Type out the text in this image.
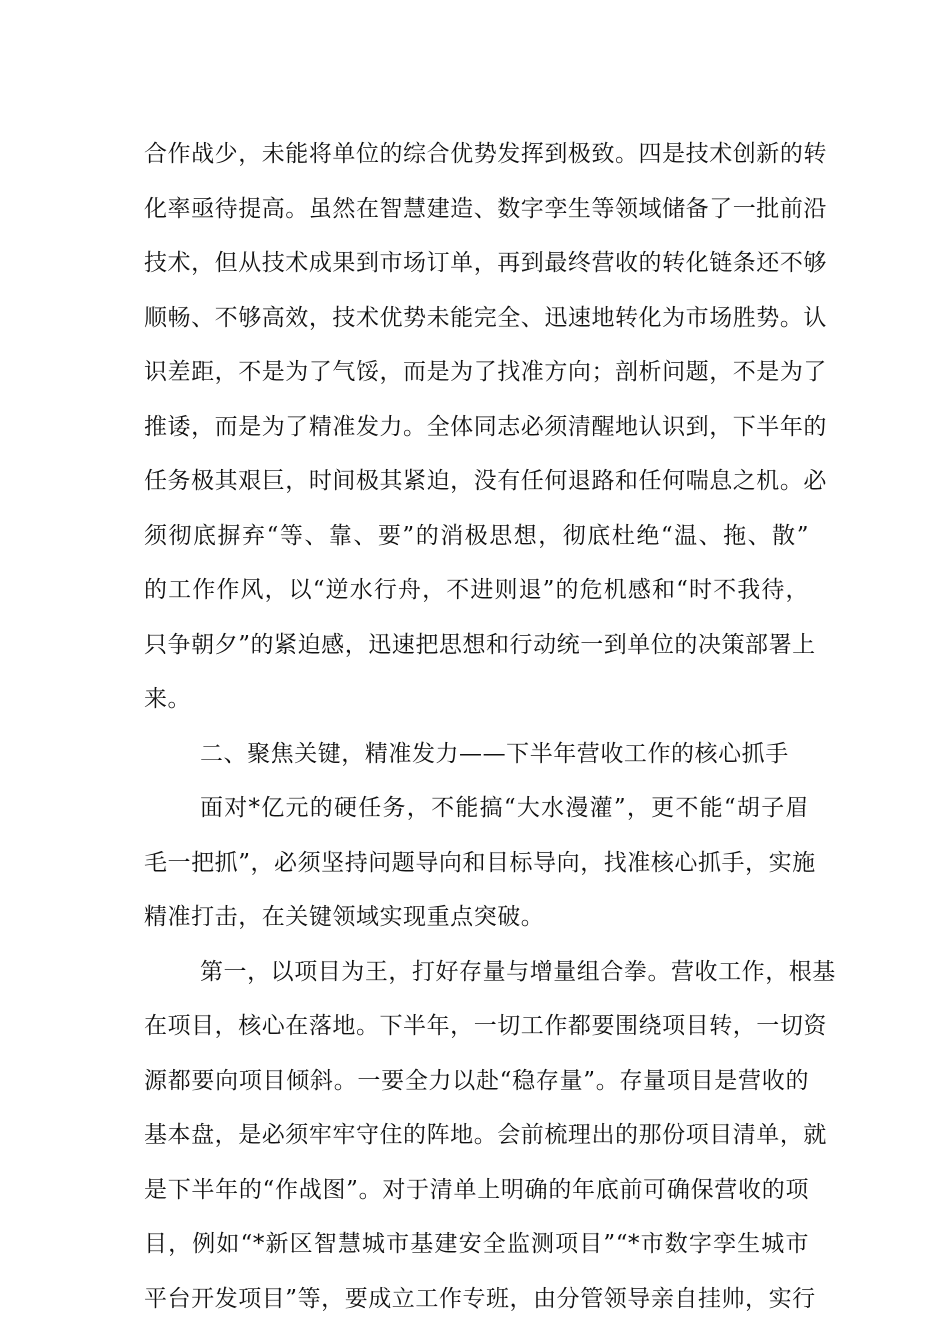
合作战少，未能将单位的综合优势发挥到极致。四是技术创新的转
化率亟待提高。虽然在智慧建造、数字孪生等领域储备了一批前沿
技术，但从技术成果到市场订单，再到最终营收的转化链条还不够
顺畅、不够高效，技术优势未能完全、迅速地转化为市场胜势。认
识差距，不是为了气馁，而是为了找准方向；剖析问题，不是为了
推诿，而是为了精准发力。全体同志必须清醒地认识到，下半年的
任务极其艰巨，时间极其紧迫，没有任何退路和任何喘息之机。必
须彻底摒弃“等、靠、要”的消极思想，彻底杜绝“温、拖、散”
的工作作风，以“逆水行舟，不进则退”的危机感和“时不我待，
只争朝夕”的紧迫感，迅速把思想和行动统一到单位的决策部署上
来。
二、聚焦关键，精准发力——下半年营收工作的核心抓手
面对*亿元的硬任务，不能搞“大水漫灌”，更不能“胡子眉
毛一把抓”，必须坚持问题导向和目标导向，找准核心抓手，实施
精准打击，在关键领域实现重点突破。
第一，以项目为王，打好存量与增量组合拳。营收工作，根基
在项目，核心在落地。下半年，一切工作都要围绕项目转，一切资
源都要向项目倾斜。一要全力以赴“稳存量”。存量项目是营收的
基本盘，是必须牢牢守住的阵地。会前梳理出的那份项目清单，就
是下半年的“作战图”。对于清单上明确的年底前可确保营收的项
目，例如“*新区智慧城市基建安全监测项目”“*市数字孪生城市
平台开发项目”等，要成立工作专班，由分管领导亲自挂帅，实行
